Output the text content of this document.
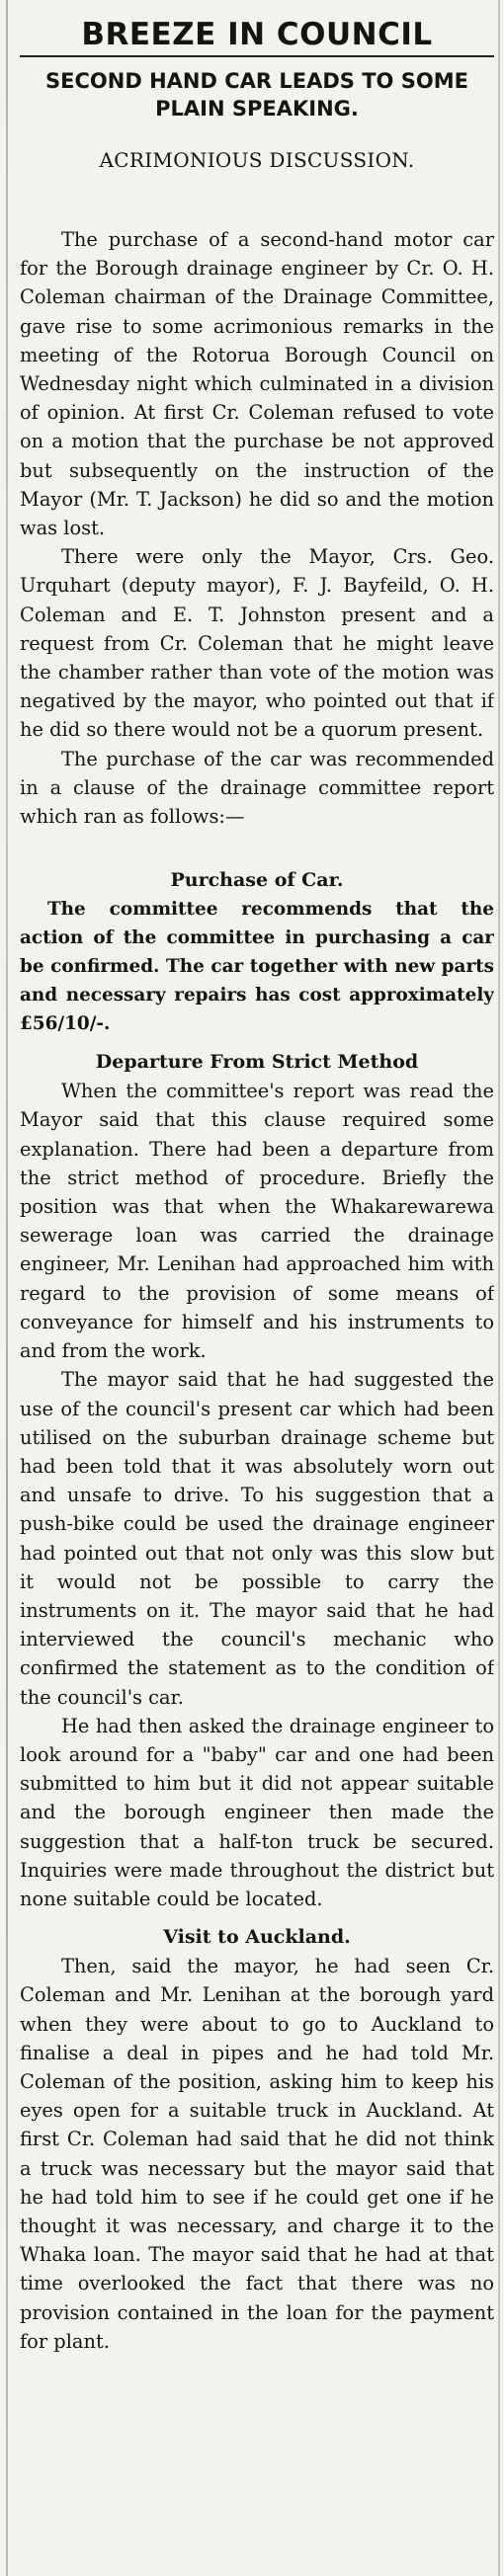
BREEZE IN COUNCIL
SECOND HAND CAR LEADS TO SOME PLAIN SPEAKING.
ACRIMONIOUS DISCUSSION.

The purchase of a second-hand motor car for the Borough drainage engineer by Cr. O. H. Coleman chairman of the Drainage Committee, gave rise to some acrimonious remarks in the meeting of the Rotorua Borough Council on Wednesday night which culminated in a division of opinion. At first Cr. Coleman refused to vote on a motion that the purchase be not approved but subsequently on the instruction of the Mayor (Mr. T. Jackson) he did so and the motion was lost.

There were only the Mayor, Crs. Geo. Urquhart (deputy mayor), F. J. Bayfeild, O. H. Coleman and E. T. Johnston present and a request from Cr. Coleman that he might leave the chamber rather than vote of the motion was negatived by the mayor, who pointed out that if he did so there would not be a quorum present.

The purchase of the car was recommended in a clause of the drainage committee report which ran as follows:—

Purchase of Car.

The committee recommends that the action of the committee in purchasing a car be confirmed. The car together with new parts and necessary repairs has cost approximately £56/10/-.

Departure From Strict Method

When the committee's report was read the Mayor said that this clause required some explanation. There had been a departure from the strict method of procedure. Briefly the position was that when the Whakarewarewa sewerage loan was carried the drainage engineer, Mr. Lenihan had approached him with regard to the provision of some means of conveyance for himself and his instruments to and from the work.

The mayor said that he had suggested the use of the council's present car which had been utilised on the suburban drainage scheme but had been told that it was absolutely worn out and unsafe to drive. To his suggestion that a push-bike could be used the drainage engineer had pointed out that not only was this slow but it would not be possible to carry the instruments on it. The mayor said that he had interviewed the council's mechanic who confirmed the statement as to the condition of the council's car.

He had then asked the drainage engineer to look around for a "baby" car and one had been submitted to him but it did not appear suitable and the borough engineer then made the suggestion that a half-ton truck be secured. Inquiries were made throughout the district but none suitable could be located.

Visit to Auckland.

Then, said the mayor, he had seen Cr. Coleman and Mr. Lenihan at the borough yard when they were about to go to Auckland to finalise a deal in pipes and he had told Mr. Coleman of the position, asking him to keep his eyes open for a suitable truck in Auckland. At first Cr. Coleman had said that he did not think a truck was necessary but the mayor said that he had told him to see if he could get one if he thought it was necessary, and charge it to the Whaka loan. The mayor said that he had at that time overlooked the fact that there was no provision contained in the loan for the payment for plant.
